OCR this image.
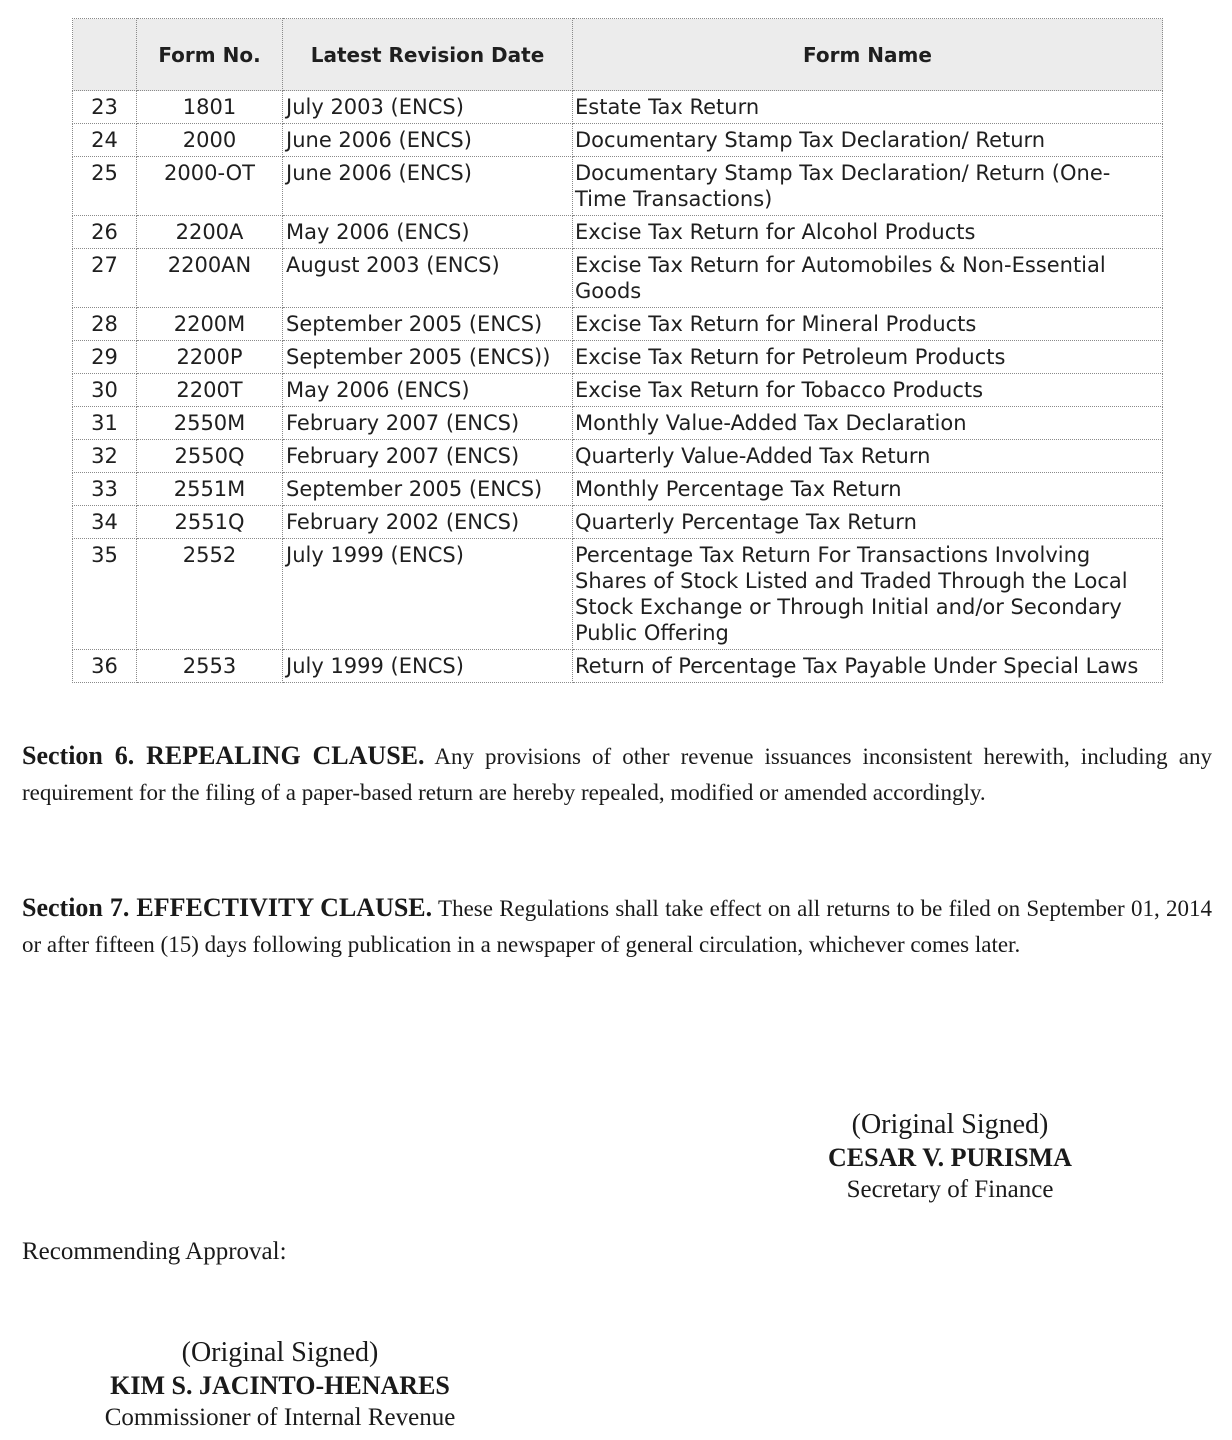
	Form No.	Latest Revision Date	Form Name
23	1801	July 2003 (ENCS)	Estate Tax Return
24	2000	June 2006 (ENCS)	Documentary Stamp Tax Declaration/ Return
25	2000-OT	June 2006 (ENCS)	Documentary Stamp Tax Declaration/ Return (One-Time Transactions)
26	2200A	May 2006 (ENCS)	Excise Tax Return for Alcohol Products
27	2200AN	August 2003 (ENCS)	Excise Tax Return for Automobiles & Non-Essential Goods
28	2200M	September 2005 (ENCS)	Excise Tax Return for Mineral Products
29	2200P	September 2005 (ENCS))	Excise Tax Return for Petroleum Products
30	2200T	May 2006 (ENCS)	Excise Tax Return for Tobacco Products
31	2550M	February 2007 (ENCS)	Monthly Value-Added Tax Declaration
32	2550Q	February 2007 (ENCS)	Quarterly Value-Added Tax Return
33	2551M	September 2005 (ENCS)	Monthly Percentage Tax Return
34	2551Q	February 2002 (ENCS)	Quarterly Percentage Tax Return
35	2552	July 1999 (ENCS)	Percentage Tax Return For Transactions Involving Shares of Stock Listed and Traded Through the Local Stock Exchange or Through Initial and/or Secondary Public Offering
36	2553	July 1999 (ENCS)	Return of Percentage Tax Payable Under Special Laws

Section 6. REPEALING CLAUSE. Any provisions of other revenue issuances inconsistent herewith, including any requirement for the filing of a paper-based return are hereby repealed, modified or amended accordingly.

Section 7. EFFECTIVITY CLAUSE. These Regulations shall take effect on all returns to be filed on September 01, 2014 or after fifteen (15) days following publication in a newspaper of general circulation, whichever comes later.

(Original Signed)
CESAR V. PURISMA
Secretary of Finance
Recommending Approval:
(Original Signed)
KIM S. JACINTO-HENARES
Commissioner of Internal Revenue
